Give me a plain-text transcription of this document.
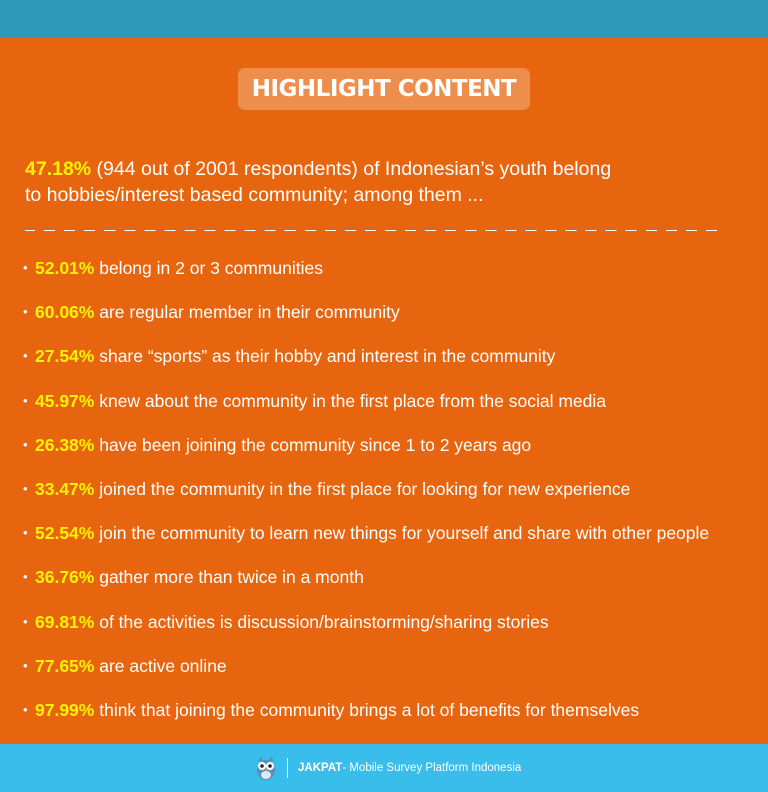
HIGHLIGHT CONTENT
47.18% (944 out of 2001 respondents) of Indonesian’s youth belong
to hobbies/interest based community; among them ...
• 52.01% belong in 2 or 3 communities
• 60.06% are regular member in their community
• 27.54% share “sports” as their hobby and interest in the community
• 45.97% knew about the community in the first place from the social media
• 26.38% have been joining the community since 1 to 2 years ago
• 33.47% joined the community in the first place for looking for new experience
• 52.54% join the community to learn new things for yourself and share with other people
• 36.76% gather more than twice in a month
• 69.81% of the activities is discussion/brainstorming/sharing stories
• 77.65% are active online
• 97.99% think that joining the community brings a lot of benefits for themselves
JAKPAT - Mobile Survey Platform Indonesia
